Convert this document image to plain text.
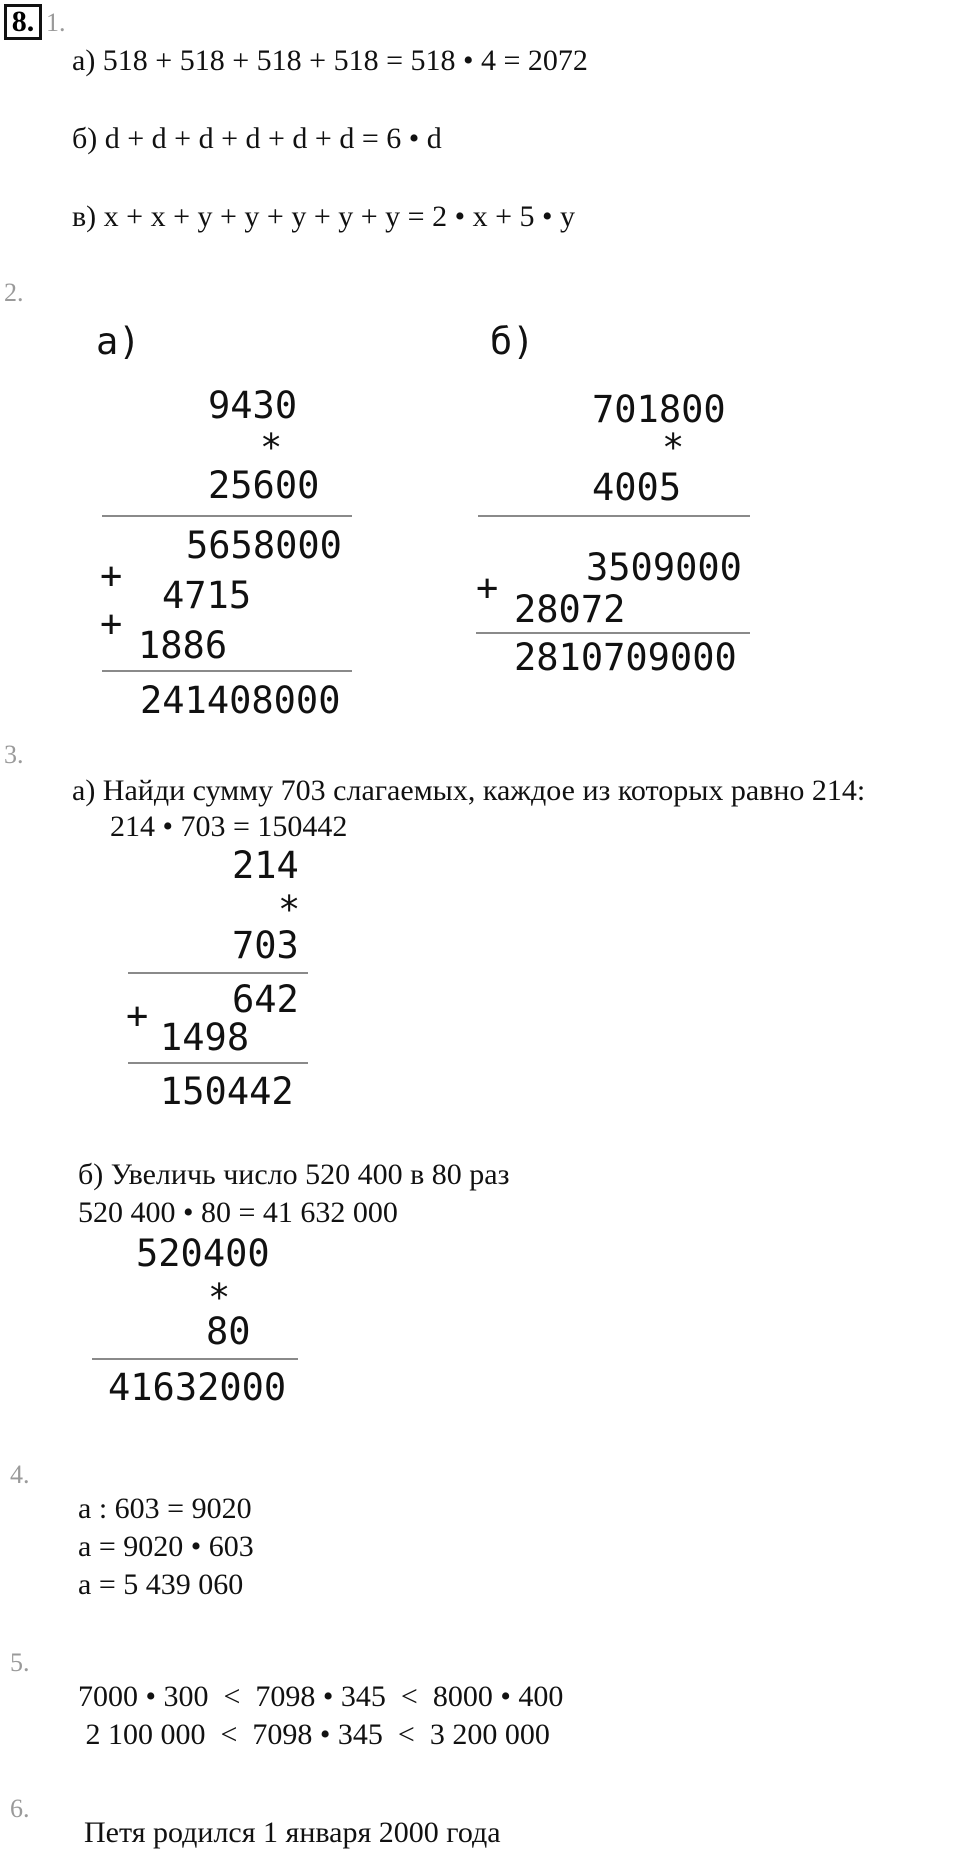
8. 1.
а) 518 + 518 + 518 + 518 = 518 • 4 = 2072
б) d + d + d + d + d + d = 6 • d
в) x + x + y + y + y + y + y = 2 • x + 5 • y
2.
а)
9430
*
25600
5658000
+ 4715
+
1886
241408000
б)
701800
*
4005
3509000
+
28072
2810709000
3.
а) Найди сумму 703 слагаемых, каждое из которых равно 214:
214 • 703 = 150442
214
*
703
642
+
1498
150442
б) Увеличь число 520 400 в 80 раз
520 400 • 80 = 41 632 000
520400
*
80
41632000
4.
a : 603 = 9020
a = 9020 • 603
a = 5 439 060
5.
7000 • 300  <  7098 • 345  <  8000 • 400
2 100 000  <  7098 • 345  <  3 200 000
6.
Петя родился 1 января 2000 года
